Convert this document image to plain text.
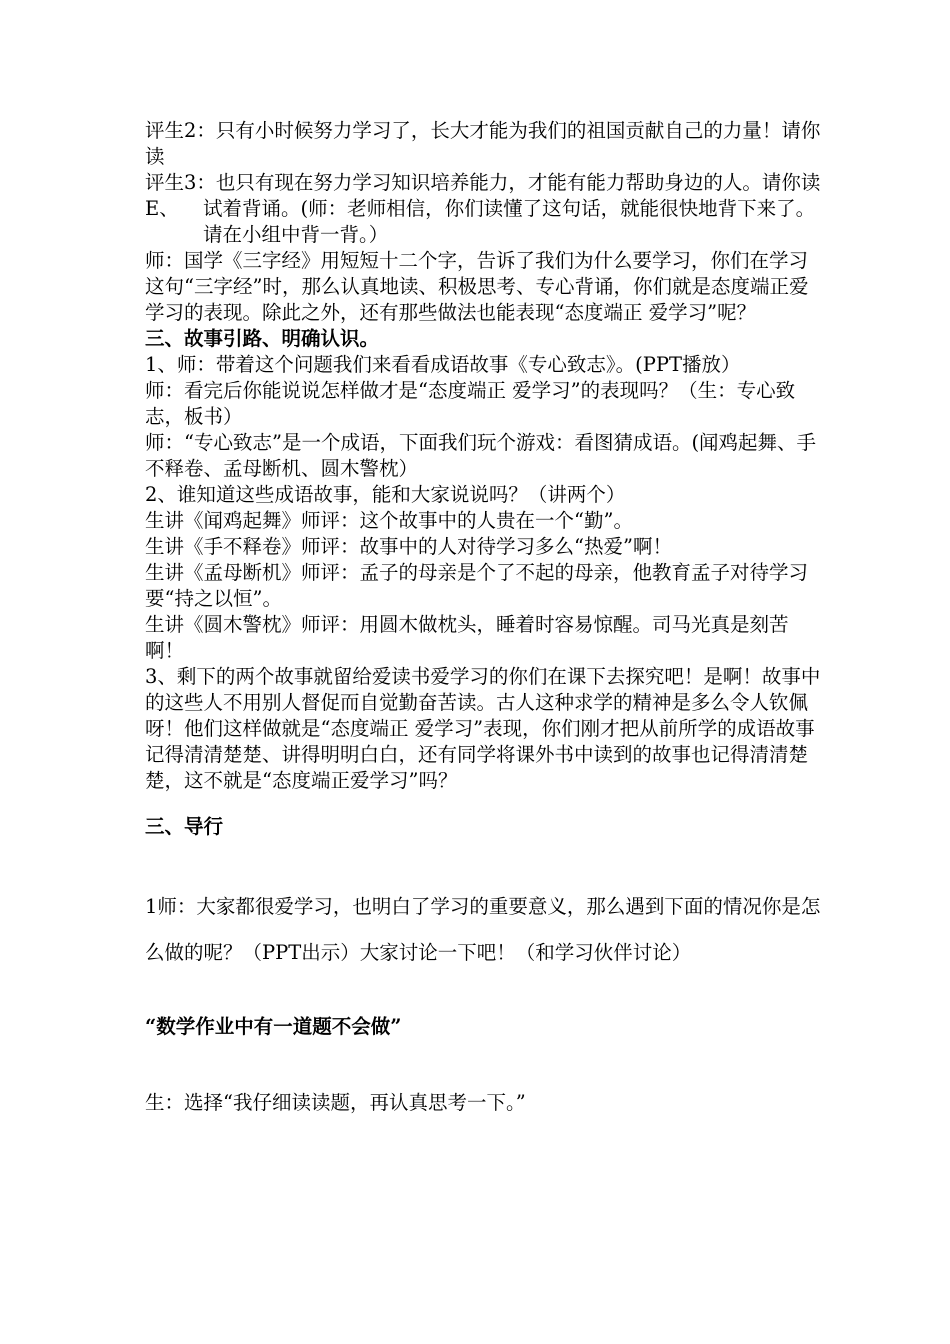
评生2：只有小时候努力学习了，长大才能为我们的祖国贡献自己的力量！请你读

评生3：也只有现在努力学习知识培养能力，才能有能力帮助身边的人。请你读

E、	试着背诵。(师：老师相信，你们读懂了这句话，就能很快地背下来了。请在小组中背一背。）

师：国学《三字经》用短短十二个字，告诉了我们为什么要学习，你们在学习这句“三字经”时，那么认真地读、积极思考、专心背诵，你们就是态度端正爱学习的表现。除此之外，还有那些做法也能表现“态度端正 爱学习”呢？

三、故事引路、明确认识。

1、师：带着这个问题我们来看看成语故事《专心致志》。(PPT播放）

师：看完后你能说说怎样做才是“态度端正 爱学习”的表现吗？（生：专心致志，板书）

师：“专心致志”是一个成语，下面我们玩个游戏：看图猜成语。(闻鸡起舞、手不释卷、孟母断机、圆木警枕）

2、谁知道这些成语故事，能和大家说说吗？（讲两个）

生讲《闻鸡起舞》师评：这个故事中的人贵在一个“勤”。

生讲《手不释卷》师评：故事中的人对待学习多么“热爱”啊！

生讲《孟母断机》师评：孟子的母亲是个了不起的母亲，他教育孟子对待学习要“持之以恒”。

生讲《圆木警枕》师评：用圆木做枕头，睡着时容易惊醒。司马光真是刻苦啊！

3、剩下的两个故事就留给爱读书爱学习的你们在课下去探究吧！是啊！故事中的这些人不用别人督促而自觉勤奋苦读。古人这种求学的精神是多么令人钦佩呀！他们这样做就是“态度端正 爱学习”表现，你们刚才把从前所学的成语故事记得清清楚楚、讲得明明白白，还有同学将课外书中读到的故事也记得清清楚楚，这不就是“态度端正爱学习”吗？

三、导行

1师：大家都很爱学习，也明白了学习的重要意义，那么遇到下面的情况你是怎么做的呢？（PPT出示）大家讨论一下吧！（和学习伙伴讨论）

“数学作业中有一道题不会做”

生：选择“我仔细读读题，再认真思考一下。”
